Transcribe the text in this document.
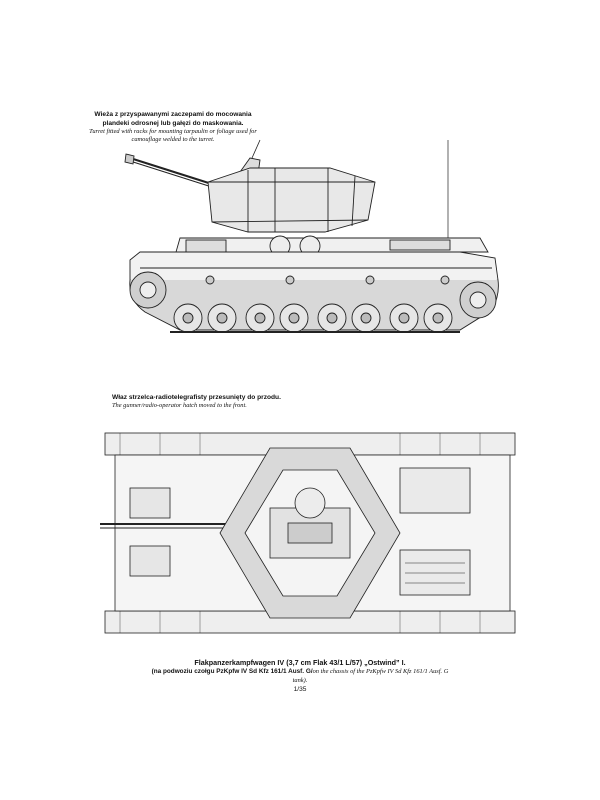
Wieża z przyspawanymi zaczepami do mocowania plandeki odrosnej lub gałęzi do maskowania.
Turret fitted with racks for mounting tarpaulin or foliage used for camouflage welded to the turret.
Właz strzelca-radiotelegrafisty przesunięty do przodu.
The gunner/radio-operator hatch moved to the front.
Flakpanzerkampfwagen IV (3,7 cm Flak 43/1 L/57) „Ostwind” I.
(na podwoziu czołgu PzKpfw IV Sd Kfz 161/1 Ausf. G/on the chassis of the PzKpfw IV Sd Kfz 161/1 Ausf. G tank).
1/35
